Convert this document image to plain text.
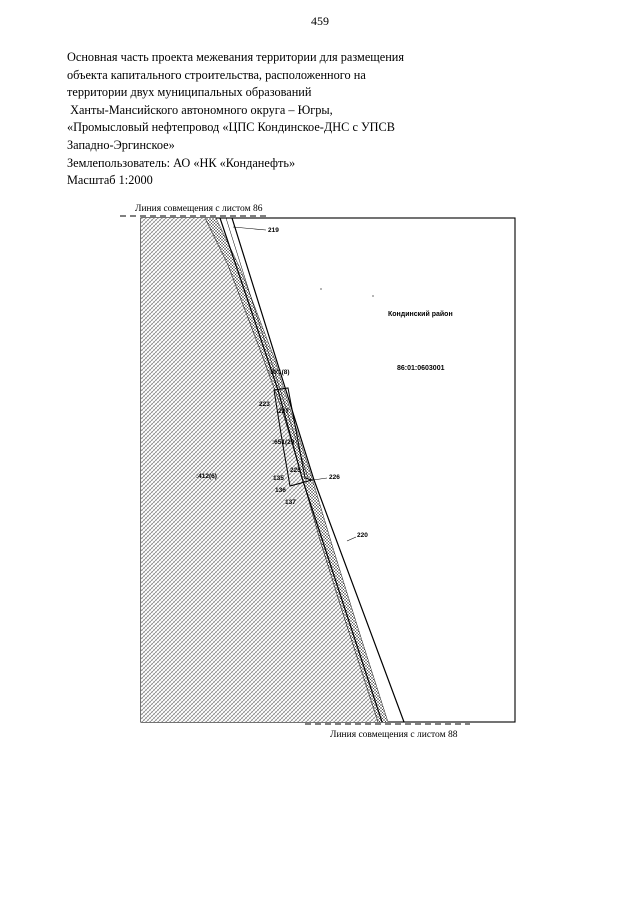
459
Основная часть проекта межевания территории для размещения
объекта капитального строительства, расположенного на
территории двух муниципальных образований
Ханты-Мансийского автономного округа – Югры,
«Промысловый нефтепровод «ЦПС Кондинское-ДНС с УПСВ
Западно-Эргинское»
Землепользователь: АО «НК «Конданефть»
Масштаб 1:2000
Линия совмещения с листом 86
Линия совмещения с листом 88
Кондинский район
86:01:0603001
:ЗУ1(8)
:651(29
:412(6)
219
223
227
225
226
135
136
137
220
